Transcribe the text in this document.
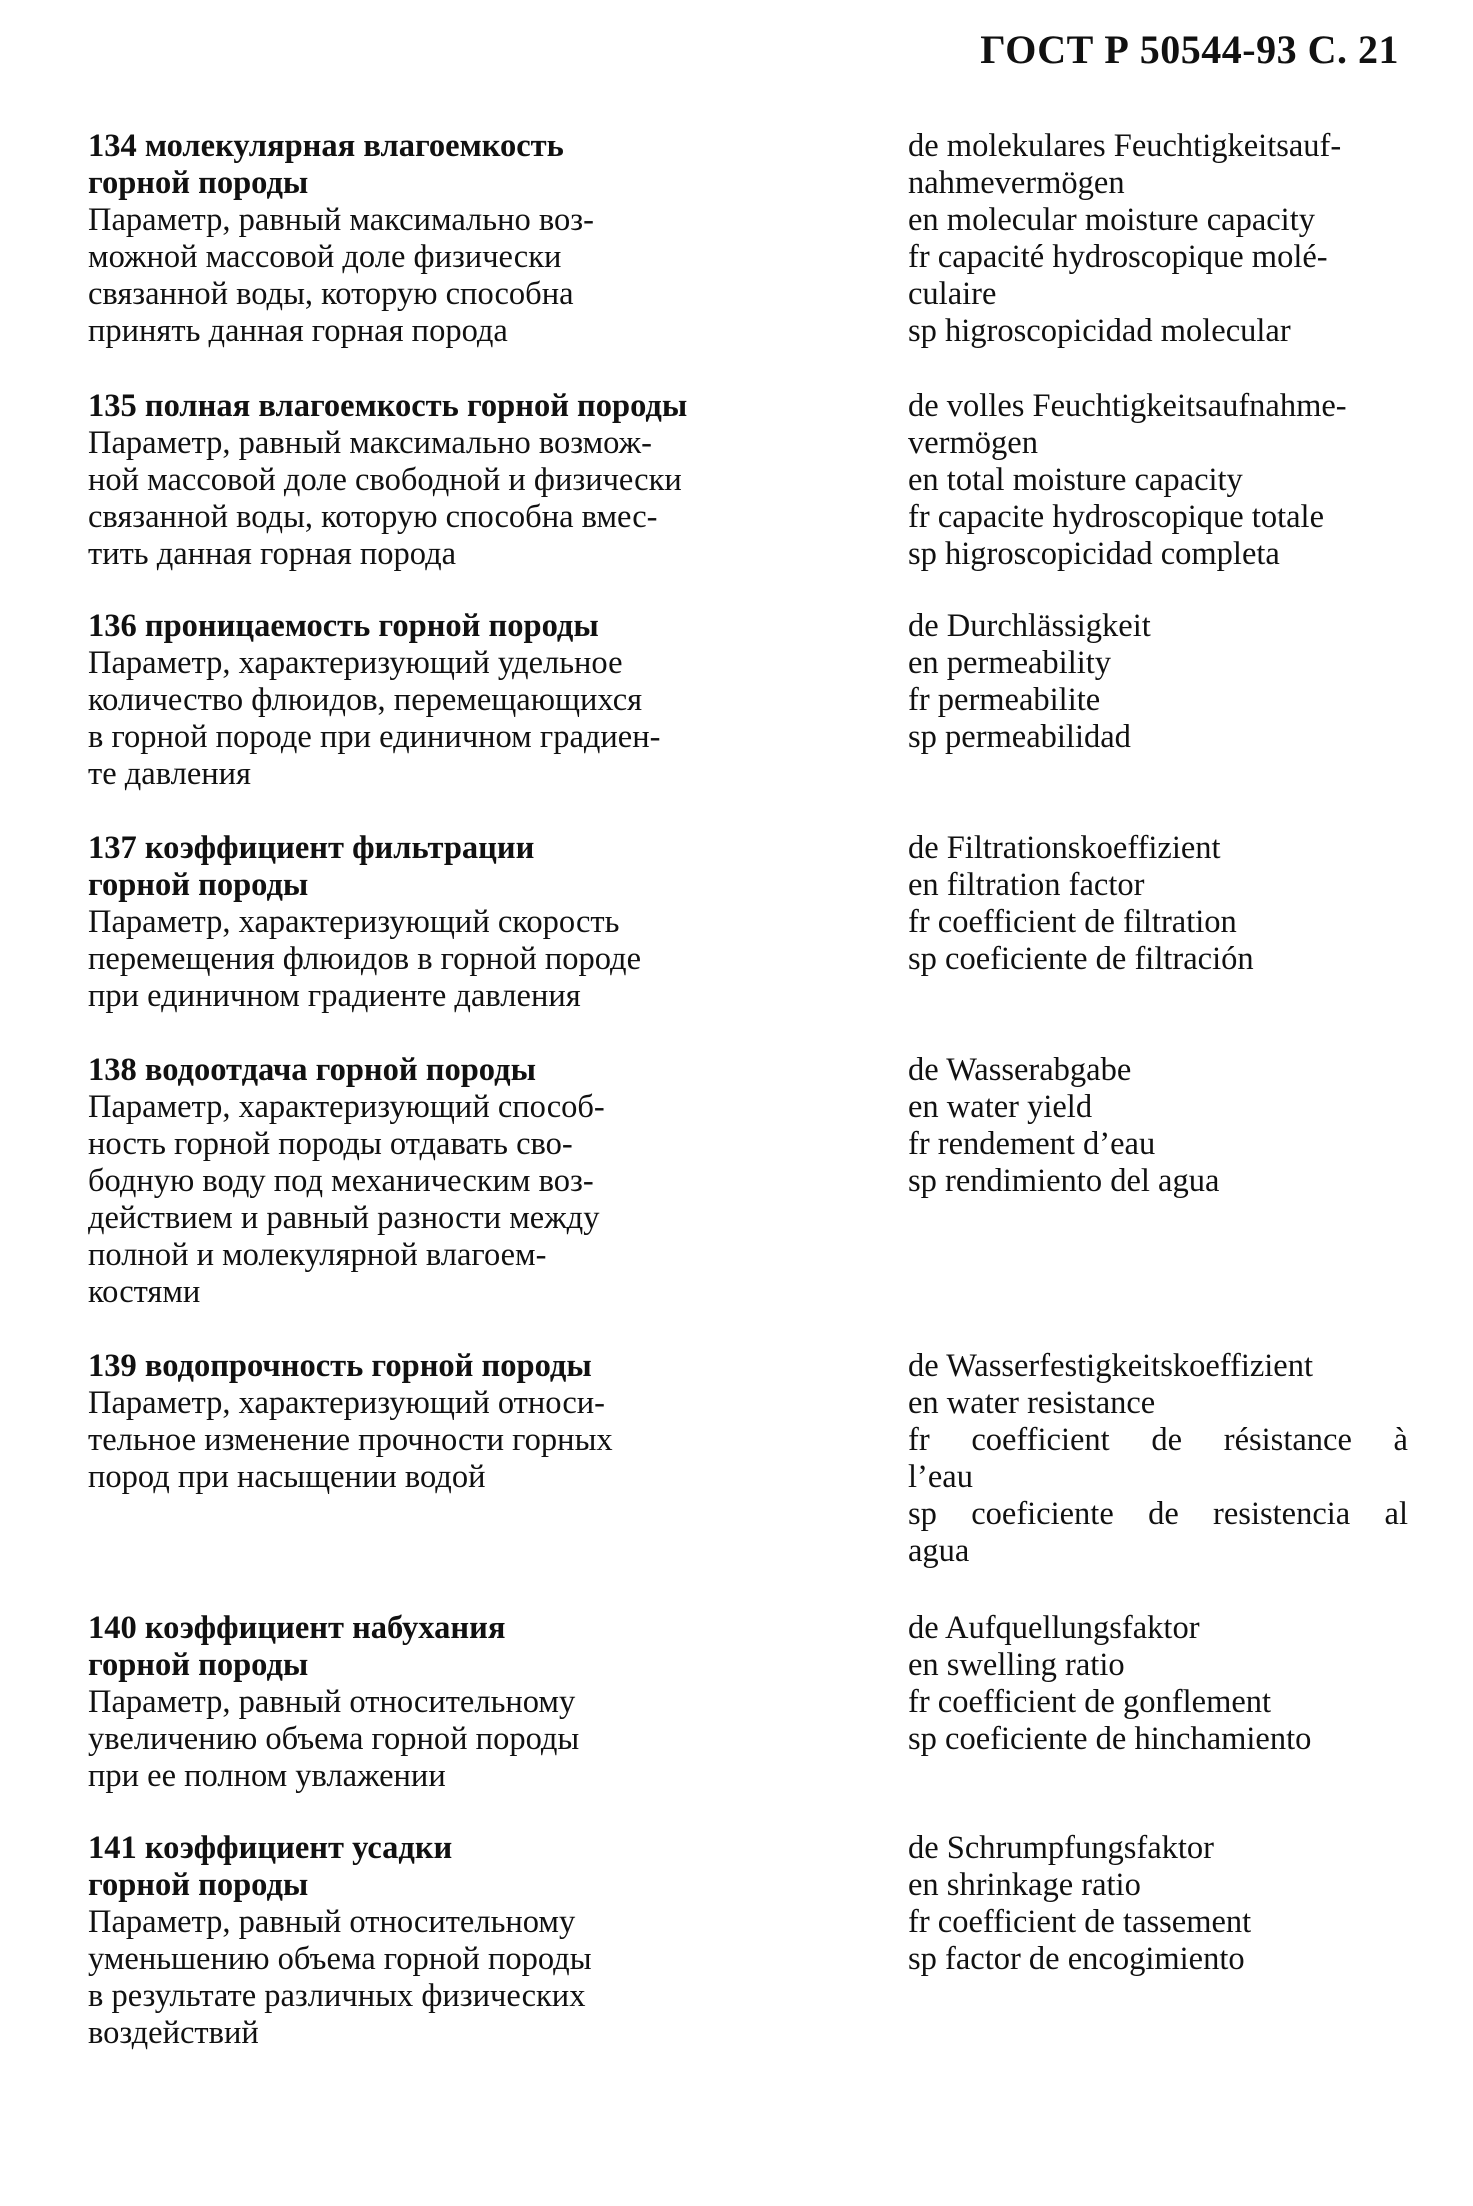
ГОСТ Р 50544-93 С. 21
134 молекулярная влагоемкость
горной породы
Параметр, равный максимально воз-
можной массовой доле физически
связанной воды, которую способна
принять данная горная порода
de molekulares Feuchtigkeitsauf-
nahmevermögen
en molecular moisture capacity
fr capacité hydroscopique molé-
culaire
sp higroscopicidad molecular
135 полная влагоемкость горной породы
Параметр, равный максимально возмож-
ной массовой доле свободной и физически
связанной воды, которую способна вмес-
тить данная горная порода
de volles Feuchtigkeitsaufnahme-
vermögen
en total moisture capacity
fr capacite hydroscopique totale
sp higroscopicidad completa
136 проницаемость горной породы
Параметр, характеризующий удельное
количество флюидов, перемещающихся
в горной породе при единичном градиен-
те давления
de Durchlässigkeit
en permeability
fr permeabilite
sp permeabilidad
137 коэффициент фильтрации
горной породы
Параметр, характеризующий скорость
перемещения флюидов в горной породе
при единичном градиенте давления
de Filtrationskoeffizient
en filtration factor
fr coefficient de filtration
sp coeficiente de filtración
138 водоотдача горной породы
Параметр, характеризующий способ-
ность горной породы отдавать сво-
бодную воду под механическим воз-
действием и равный разности между
полной и молекулярной влагоем-
костями
de Wasserabgabe
en water yield
fr rendement d’eau
sp rendimiento del agua
139 водопрочность горной породы
Параметр, характеризующий относи-
тельное изменение прочности горных
пород при насыщении водой
de Wasserfestigkeitskoeffizient
en water resistance
fr coefficient de résistance à
l’eau
sp coeficiente de resistencia al
agua
140 коэффициент набухания
горной породы
Параметр, равный относительному
увеличению объема горной породы
при ее полном увлажении
de Aufquellungsfaktor
en swelling ratio
fr coefficient de gonflement
sp coeficiente de hinchamiento
141 коэффициент усадки
горной породы
Параметр, равный относительному
уменьшению объема горной породы
в результате различных физических
воздействий
de Schrumpfungsfaktor
en shrinkage ratio
fr coefficient de tassement
sp factor de encogimiento
